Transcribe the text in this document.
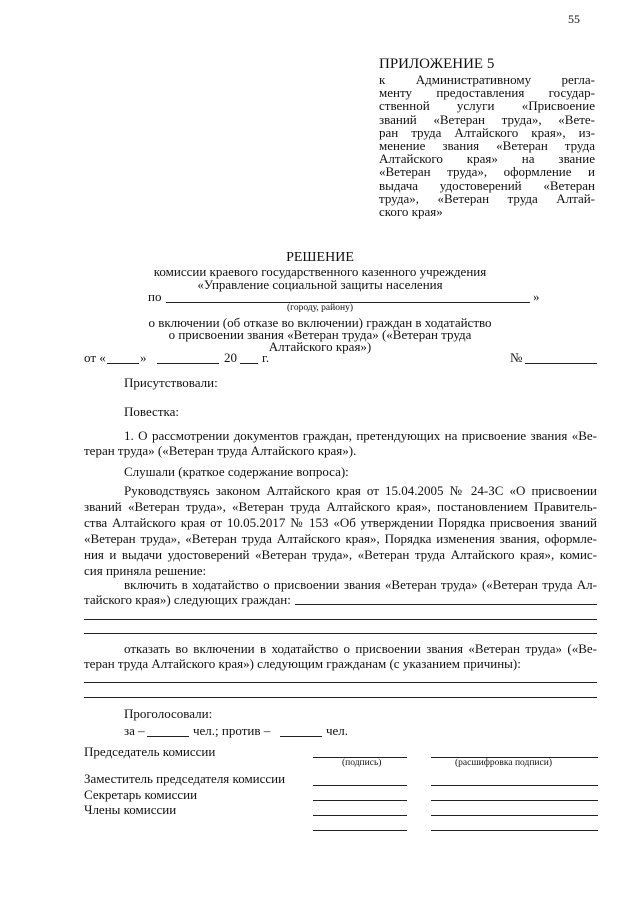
55
ПРИЛОЖЕНИЕ 5
к Административному регла-
менту предоставления государ-
ственной услуги «Присвоение
званий «Ветеран труда», «Вете-
ран труда Алтайского края», из-
менение звания «Ветеран труда
Алтайского края» на звание
«Ветеран труда», оформление и
выдача удостоверений «Ветеран
труда», «Ветеран труда Алтай-
ского края»
РЕШЕНИЕ
комиссии краевого государственного казенного учреждения
«Управление социальной защиты населения
по	»
(городу, району)
о включении (об отказе во включении) граждан в ходатайство
о присвоении звания «Ветеран труда» («Ветеран труда
Алтайского края»)
от «	»	20 г.	№
Присутствовали:
Повестка:
1. О рассмотрении документов граждан, претендующих на присвоение звания «Ве-
теран труда» («Ветеран труда Алтайского края»).
Слушали (краткое содержание вопроса):
Руководствуясь законом Алтайского края от 15.04.2005 № 24-ЗС «О присвоении
званий «Ветеран труда», «Ветеран труда Алтайского края», постановлением Правитель-
ства Алтайского края от 10.05.2017 № 153 «Об утверждении Порядка присвоения званий
«Ветеран труда», «Ветеран труда Алтайского края», Порядка изменения звания, оформле-
ния и выдачи удостоверений «Ветеран труда», «Ветеран труда Алтайского края», комис-
сия приняла решение:
включить в ходатайство о присвоении звания «Ветеран труда» («Ветеран труда Ал-
тайского края») следующих граждан:
отказать во включении в ходатайство о присвоении звания «Ветеран труда» («Ве-
теран труда Алтайского края») следующим гражданам (с указанием причины):
Проголосовали:
за –	чел.; против –	чел.
Председатель комиссии
(подпись)	(расшифровка подписи)
Заместитель председателя комиссии
Секретарь комиссии
Члены комиссии
